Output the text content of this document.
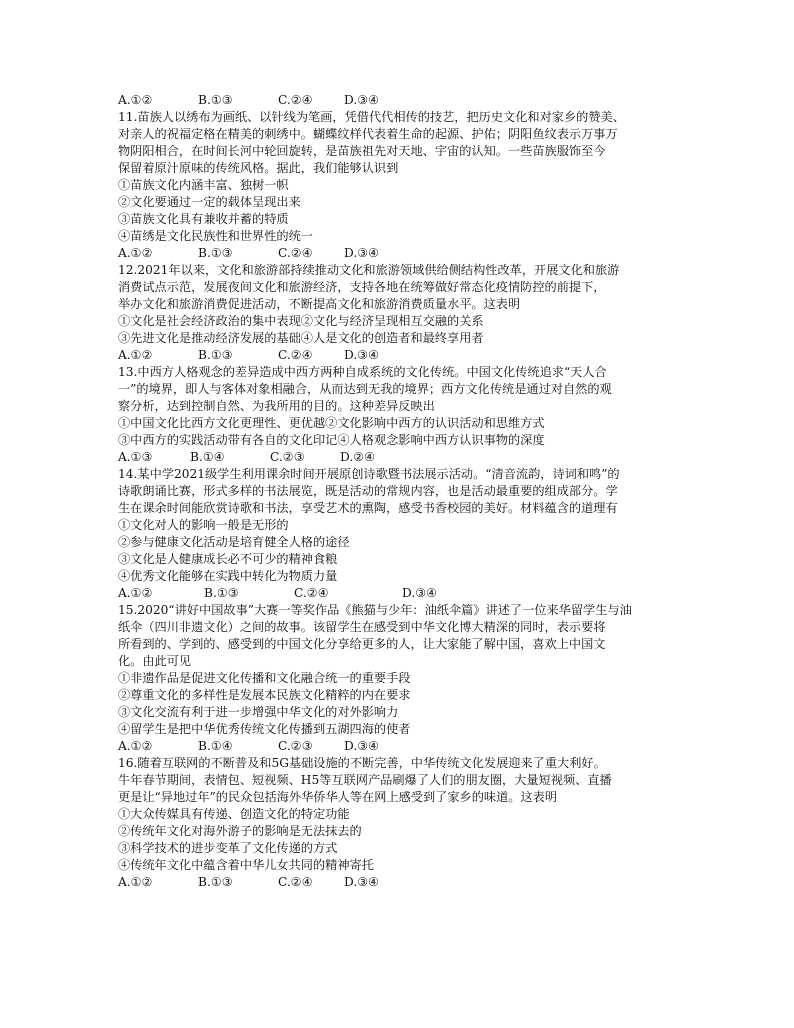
A.①②	B.①③	C.②④	D.③④
11.苗族人以绣布为画纸、以针线为笔画，凭借代代相传的技艺，把历史文化和对家乡的赞美、
对亲人的祝福定格在精美的刺绣中。蝴蝶纹样代表着生命的起源、护佑；阴阳鱼纹表示万事万
物阴阳相合，在时间长河中轮回旋转，是苗族祖先对天地、宇宙的认知。一些苗族服饰至今
保留着原汁原味的传统风格。据此，我们能够认识到
①苗族文化内涵丰富、独树一帜
②文化要通过一定的载体呈现出来
③苗族文化具有兼收并蓄的特质
④苗绣是文化民族性和世界性的统一
A.①②	B.①③	C.②④	D.③④
12.2021年以来，文化和旅游部持续推动文化和旅游领域供给侧结构性改革，开展文化和旅游
消费试点示范，发展夜间文化和旅游经济，支持各地在统筹做好常态化疫情防控的前提下，
举办文化和旅游消费促进活动，不断提高文化和旅游消费质量水平。这表明
①文化是社会经济政治的集中表现②文化与经济呈现相互交融的关系
③先进文化是推动经济发展的基础④人是文化的创造者和最终享用者
A.①②	B.①③	C.②④	D.③④
13.中西方人格观念的差异造成中西方两种自成系统的文化传统。中国文化传统追求“天人合
一”的境界，即人与客体对象相融合，从而达到无我的境界；西方文化传统是通过对自然的观
察分析，达到控制自然、为我所用的目的。这种差异反映出
①中国文化比西方文化更理性、更优越②文化影响中西方的认识活动和思维方式
③中西方的实践活动带有各自的文化印记④人格观念影响中西方认识事物的深度
A.①③	B.①④	C.②③	D.②④
14.某中学2021级学生利用课余时间开展原创诗歌暨书法展示活动。“清音流韵，诗词和鸣”的
诗歌朗诵比赛，形式多样的书法展览，既是活动的常规内容，也是活动最重要的组成部分。学
生在课余时间能欣赏诗歌和书法，享受艺术的熏陶，感受书香校园的美好。材料蕴含的道理有
①文化对人的影响一般是无形的
②参与健康文化活动是培育健全人格的途径
③文化是人健康成长必不可少的精神食粮
④优秀文化能够在实践中转化为物质力量
A.①②	B.①③	C.②④	D.③④
15.2020“讲好中国故事”大赛一等奖作品《熊猫与少年：油纸伞篇》讲述了一位来华留学生与油
纸伞（四川非遗文化）之间的故事。该留学生在感受到中华文化博大精深的同时，表示要将
所看到的、学到的、感受到的中国文化分享给更多的人，让大家能了解中国，喜欢上中国文
化。由此可见
①非遗作品是促进文化传播和文化融合统一的重要手段
②尊重文化的多样性是发展本民族文化精粹的内在要求
③文化交流有利于进一步增强中华文化的对外影响力
④留学生是把中华优秀传统文化传播到五湖四海的使者
A.①②	B.①④	C.②③	D.③④
16.随着互联网的不断普及和5G基础设施的不断完善，中华传统文化发展迎来了重大利好。
牛年春节期间，表情包、短视频、H5等互联网产品刷爆了人们的朋友圈，大量短视频、直播
更是让“异地过年”的民众包括海外华侨华人等在网上感受到了家乡的味道。这表明
①大众传媒具有传递、创造文化的特定功能
②传统年文化对海外游子的影响是无法抹去的
③科学技术的进步变革了文化传递的方式
④传统年文化中蕴含着中华儿女共同的精神寄托
A.①②	B.①③	C.②④	D.③④
